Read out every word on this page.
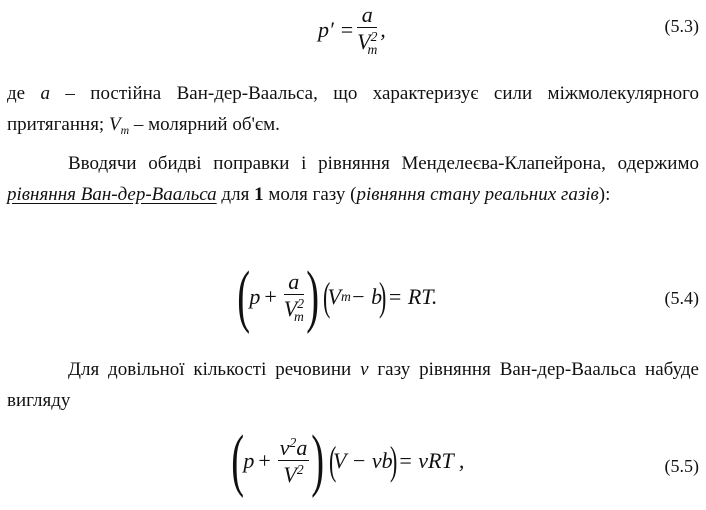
$p' = \frac{a}{V^2_m}$ ,	(5.3)
де a – постійна Ван-дер-Ваальса, що характеризує сили міжмолекулярного притягання; $V_m$ – молярний об'єм.
Вводячи обидві поправки і рівняння Менделеєва-Клапейрона, одержимо рівняння Ван-дер-Ваальса для 1 моля газу (рівняння стану реальних газів):
( $p + \frac{a}{V^2_m}$ ) (
V m − b
) = RT.	(5.4)
Для довільної кількості речовини ν газу рівняння Ван-дер-Ваальса набуде вигляду
( $p + \frac{\nu^2a}{V^2}$ ) (
V − νb
) = νRT ,	(5.5)
